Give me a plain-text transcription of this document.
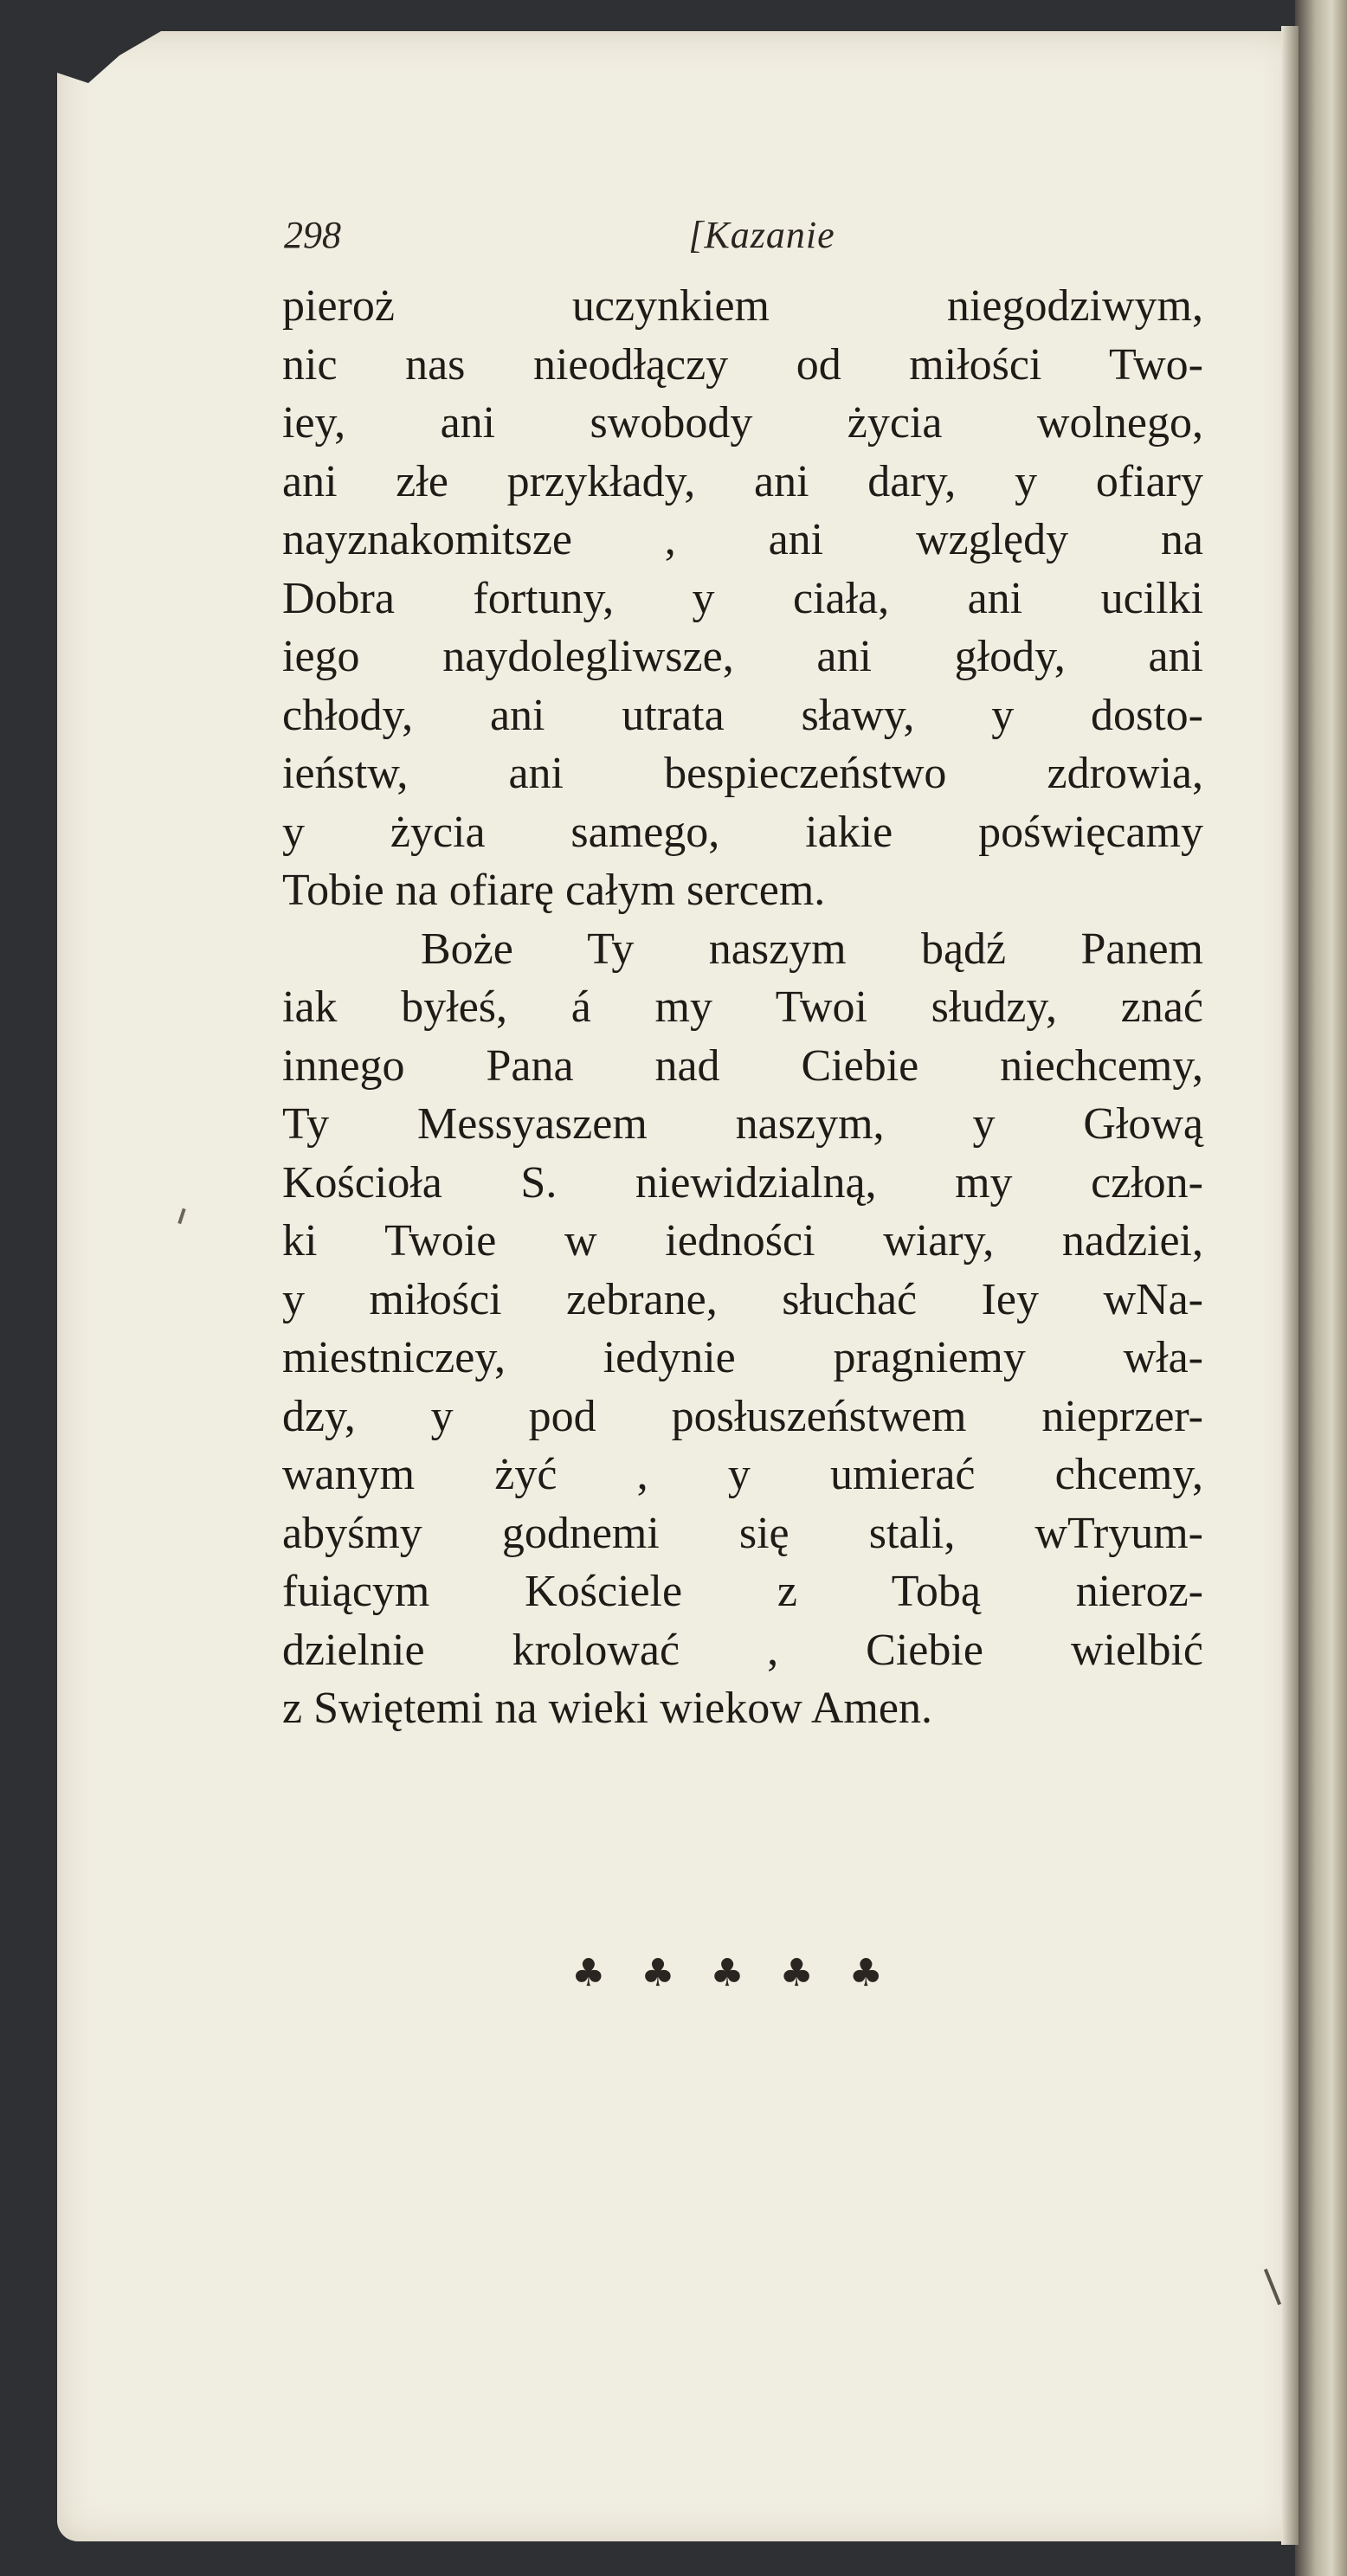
298	[Kazanie
pieroż uczynkiem niegodziwym,
nic nas nieodłączy od miłości Two-
iey, ani swobody życia wolnego,
ani złe przykłady, ani dary, y ofiary
nayznakomitsze , ani względy na
Dobra fortuny, y ciała, ani ucilki
iego naydolegliwsze, ani głody, ani
chłody, ani utrata sławy, y dosto-
ieństw, ani bespieczeństwo zdrowia,
y życia samego, iakie poświęcamy
Tobie na ofiarę całym sercem.
Boże Ty naszym bądź Panem
iak byłeś, á my Twoi słudzy, znać
innego Pana nad Ciebie niechcemy,
Ty Messyaszem naszym, y Głową
Kościoła S. niewidzialną, my człon-
ki Twoie w iedności wiary, nadziei,
y miłości zebrane, słuchać Iey wNa-
miestniczey, iedynie pragniemy wła-
dzy, y pod posłuszeństwem nieprzer-
wanym żyć , y umierać chcemy,
abyśmy godnemi się stali, wTryum-
fuiącym Kościele z Tobą nieroz-
dzielnie krolować , Ciebie wielbić
z Swiętemi na wieki wiekow Amen.
♣ ♣ ♣ ♣ ♣
